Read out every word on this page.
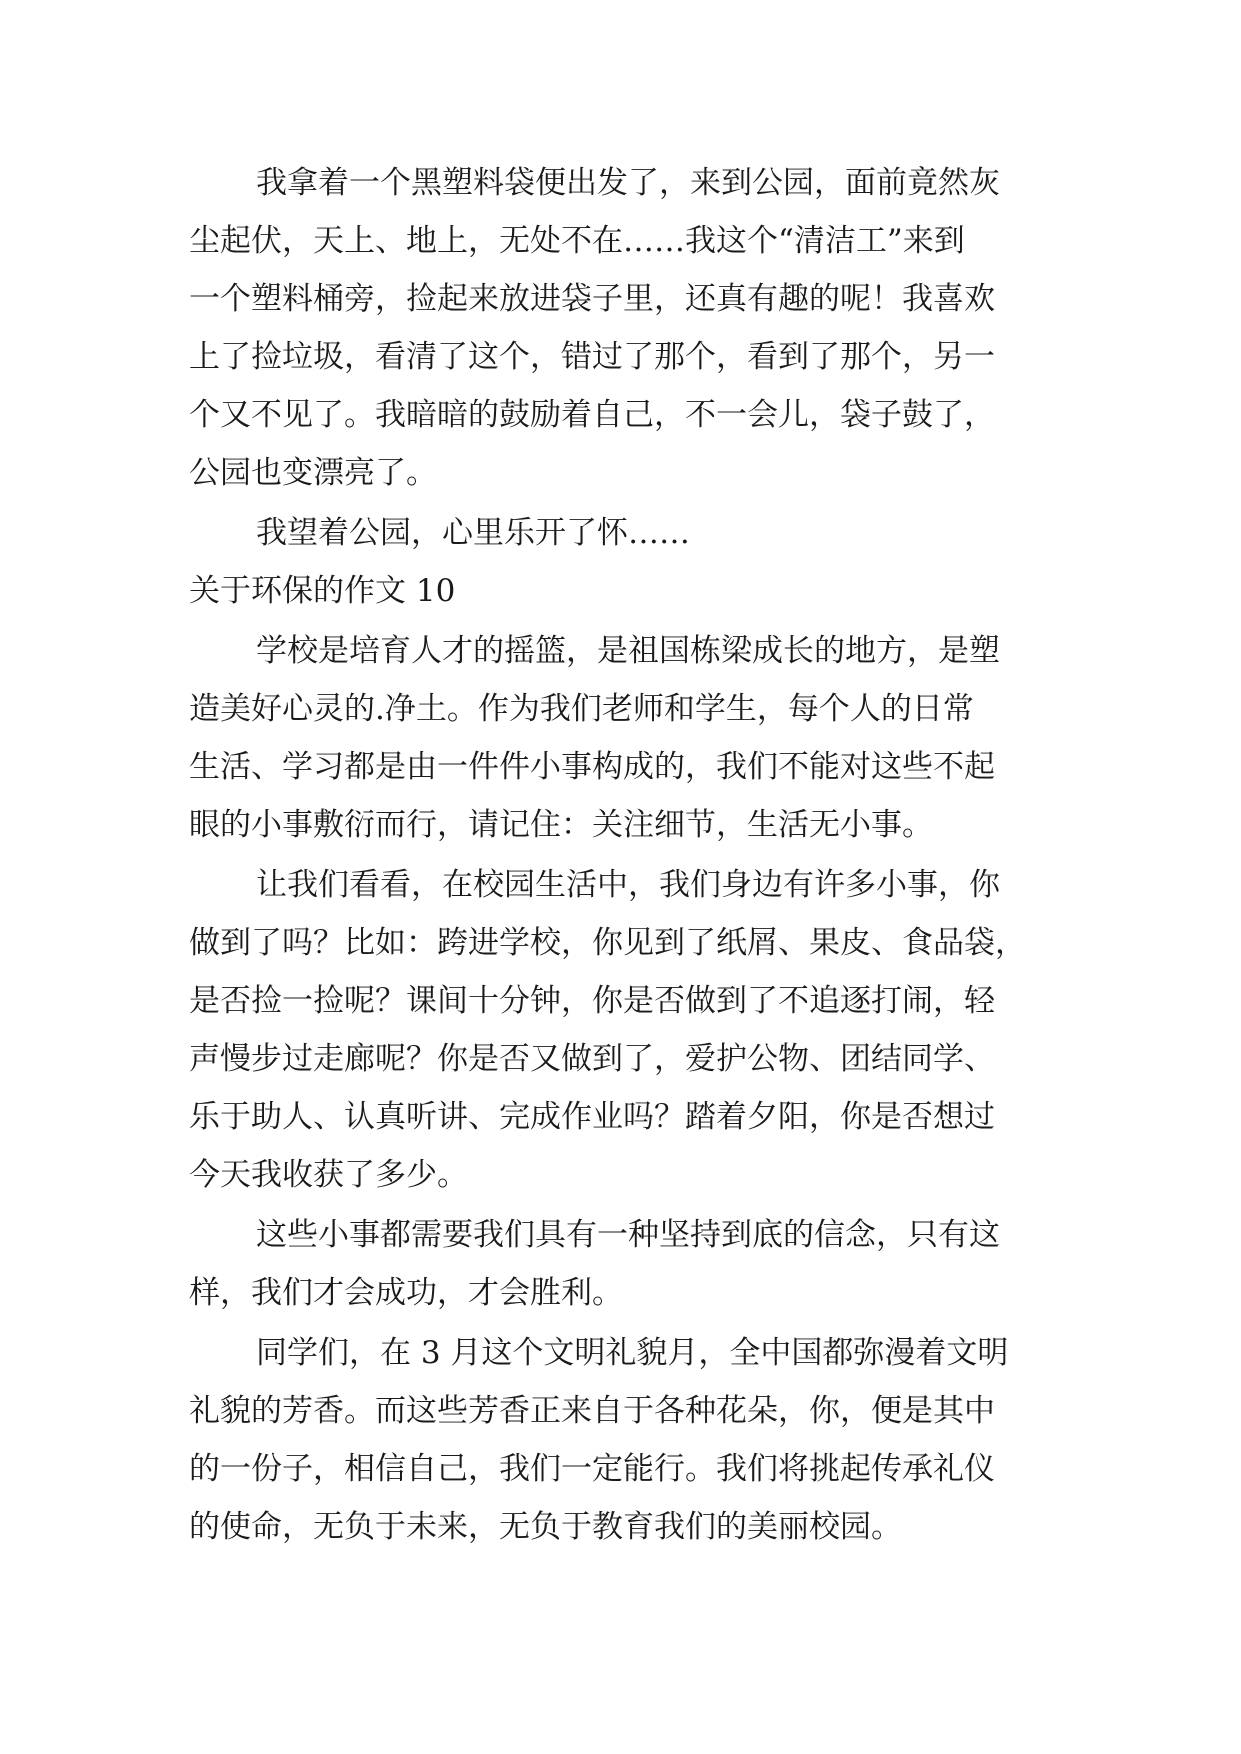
我拿着一个黑塑料袋便出发了，来到公园，面前竟然灰
尘起伏，天上、地上，无处不在……我这个“清洁工”来到
一个塑料桶旁，捡起来放进袋子里，还真有趣的呢！我喜欢
上了捡垃圾，看清了这个，错过了那个，看到了那个，另一
个又不见了。我暗暗的鼓励着自己，不一会儿，袋子鼓了，
公园也变漂亮了。
我望着公园，心里乐开了怀……
关于环保的作文 10
学校是培育人才的摇篮，是祖国栋梁成长的地方，是塑
造美好心灵的.净土。作为我们老师和学生，每个人的日常
生活、学习都是由一件件小事构成的，我们不能对这些不起
眼的小事敷衍而行，请记住：关注细节，生活无小事。
让我们看看，在校园生活中，我们身边有许多小事，你
做到了吗？比如：跨进学校，你见到了纸屑、果皮、食品袋，
是否捡一捡呢？课间十分钟，你是否做到了不追逐打闹，轻
声慢步过走廊呢？你是否又做到了，爱护公物、团结同学、
乐于助人、认真听讲、完成作业吗？踏着夕阳，你是否想过
今天我收获了多少。
这些小事都需要我们具有一种坚持到底的信念，只有这
样，我们才会成功，才会胜利。
同学们，在 3 月这个文明礼貌月，全中国都弥漫着文明
礼貌的芳香。而这些芳香正来自于各种花朵，你，便是其中
的一份子，相信自己，我们一定能行。我们将挑起传承礼仪
的使命，无负于未来，无负于教育我们的美丽校园。
